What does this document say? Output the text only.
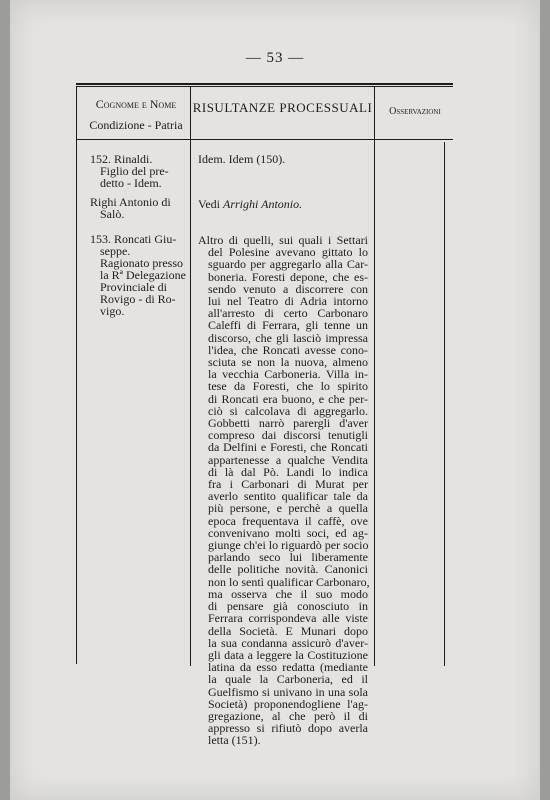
— 53 —
Cognome e Nome
Condizione - Patria
RISULTANZE PROCESSUALI	Osservazioni
152. Rinaldi.
Figlio del pre-
detto - Idem.
Idem. Idem (150).
Righi Antonio di
Salò.
Vedi Arrighi Antonio.
153. Roncati Giu-
seppe.
Ragionato presso
la Rª Delegazione
Provinciale di
Rovigo - di Ro-
vigo.
Altro di quelli, sui quali i Settari
del Polesine avevano gittato lo
sguardo per aggregarlo alla Car-
boneria. Foresti depone, che es-
sendo venuto a discorrere con
lui nel Teatro di Adria intorno
all'arresto di certo Carbonaro
Caleffi di Ferrara, gli tenne un
discorso, che gli lasciò impressa
l'idea, che Roncati avesse cono-
sciuta se non la nuova, almeno
la vecchia Carboneria. Villa in-
tese da Foresti, che lo spirito
di Roncati era buono, e che per-
ciò si calcolava di aggregarlo.
Gobbetti narrò parergli d'aver
compreso dai discorsi tenutigli
da Delfini e Foresti, che Roncati
appartenesse a qualche Vendita
di là dal Pò. Landi lo indica
fra i Carbonari di Murat per
averlo sentito qualificar tale da
più persone, e perchè a quella
epoca frequentava il caffè, ove
convenivano molti soci, ed ag-
giunge ch'ei lo riguardò per socio
parlando seco lui liberamente
delle politiche novità. Canonici
non lo sentì qualificar Carbonaro,
ma osserva che il suo modo
di pensare già conosciuto in
Ferrara corrispondeva alle viste
della Società. E Munari dopo
la sua condanna assicurò d'aver-
gli data a leggere la Costituzione
latina da esso redatta (mediante
la quale la Carboneria, ed il
Guelfismo si univano in una sola
Società) proponendogliene l'ag-
gregazione, al che però il di
appresso si rifiutò dopo averla
letta (151).
